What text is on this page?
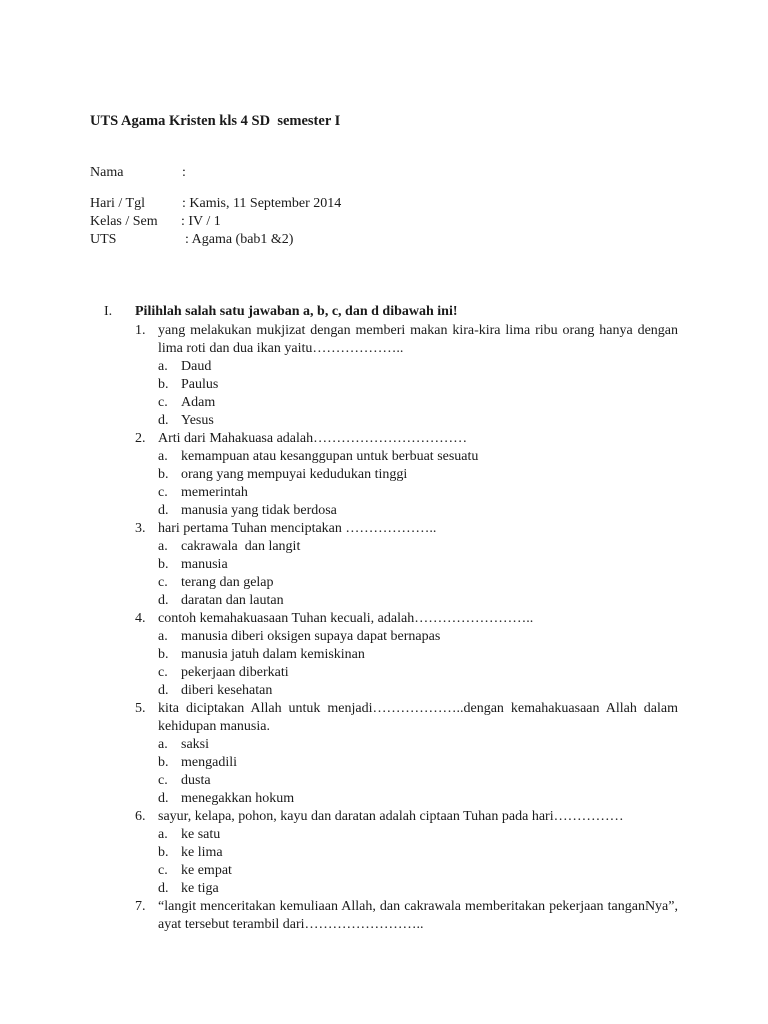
UTS Agama Kristen kls 4 SD  semester I
Nama	:
Hari / Tgl	: Kamis, 11 September 2014
Kelas / Sem : IV / 1
UTS	: Agama (bab1 &2)
I. Pilihlah salah satu jawaban a, b, c, dan d dibawah ini!
1. yang melakukan mukjizat dengan memberi makan kira-kira lima ribu orang hanya dengan lima roti dan dua ikan yaitu………………..
a. Daud
b. Paulus
c. Adam
d. Yesus
2. Arti dari Mahakuasa adalah……………………………
a. kemampuan atau kesanggupan untuk berbuat sesuatu
b. orang yang mempuyai kedudukan tinggi
c. memerintah
d. manusia yang tidak berdosa
3. hari pertama Tuhan menciptakan ………………..
a. cakrawala  dan langit
b. manusia
c. terang dan gelap
d. daratan dan lautan
4. contoh kemahakuasaan Tuhan kecuali, adalah……………………..
a. manusia diberi oksigen supaya dapat bernapas
b. manusia jatuh dalam kemiskinan
c. pekerjaan diberkati
d. diberi kesehatan
5. kita diciptakan Allah untuk menjadi………………..dengan kemahakuasaan Allah dalam kehidupan manusia.
a. saksi
b. mengadili
c. dusta
d. menegakkan hokum
6. sayur, kelapa, pohon, kayu dan daratan adalah ciptaan Tuhan pada hari……………
a. ke satu
b. ke lima
c. ke empat
d. ke tiga
7. “langit menceritakan kemuliaan Allah, dan cakrawala memberitakan pekerjaan tanganNya”, ayat tersebut terambil dari……………………..
